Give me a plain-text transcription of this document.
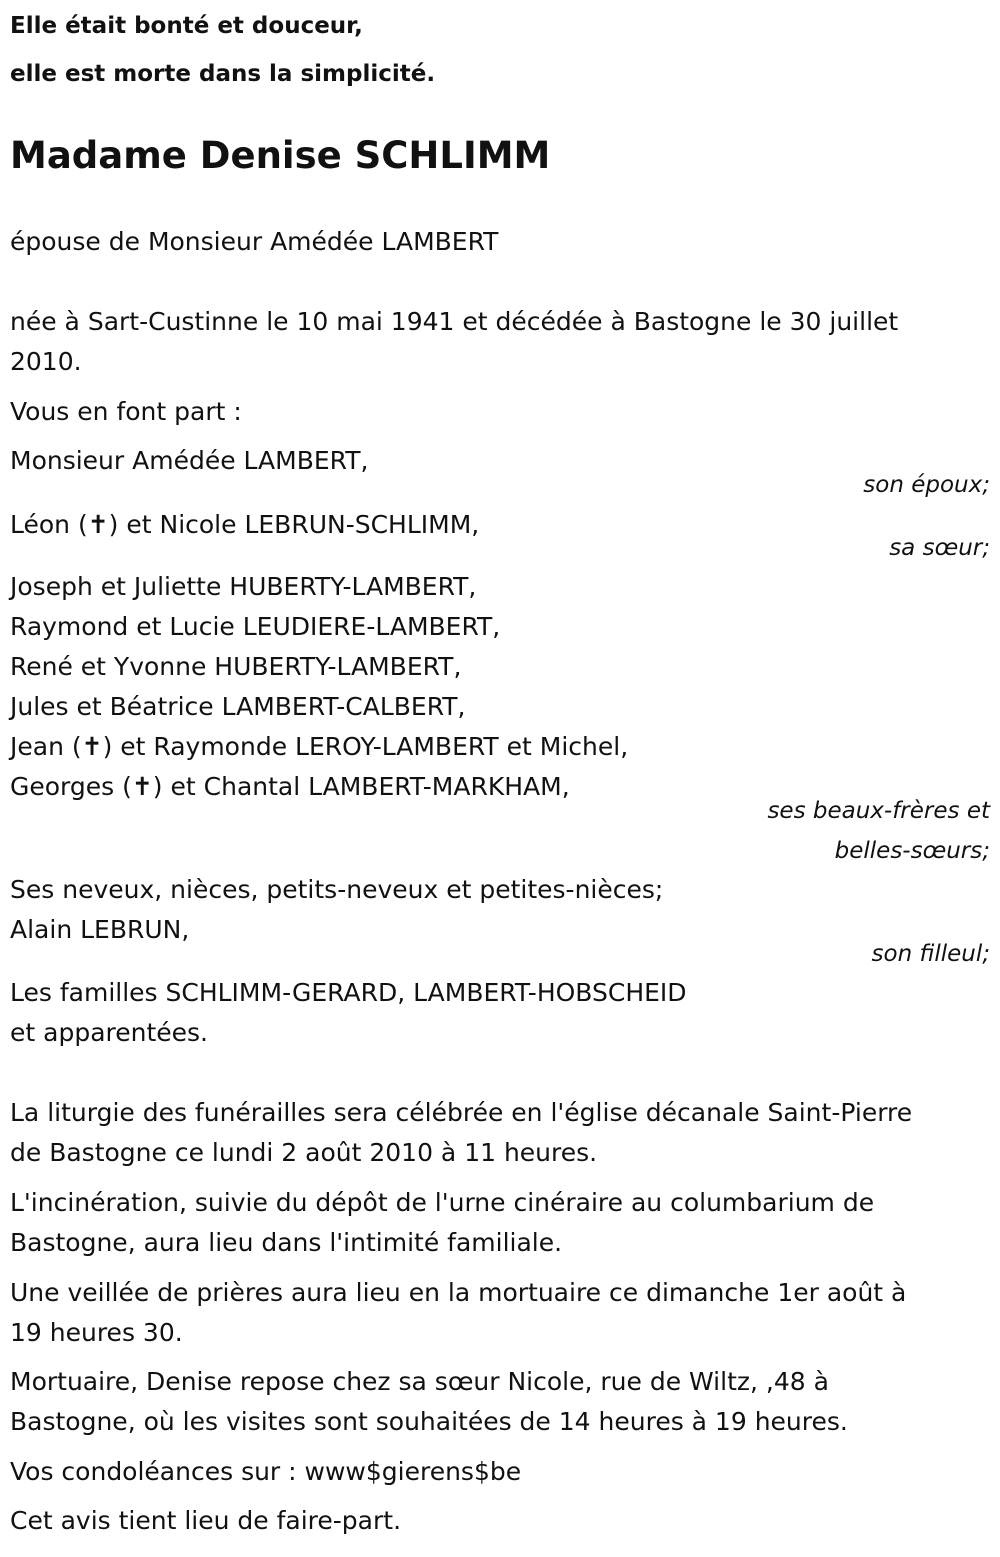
Elle était bonté et douceur,
elle est morte dans la simplicité.
Madame Denise SCHLIMM
épouse de Monsieur Amédée LAMBERT
née à Sart-Custinne le 10 mai 1941 et décédée à Bastogne le 30 juillet
2010.
Vous en font part :
Monsieur Amédée LAMBERT,
son époux;
Léon (✝) et Nicole LEBRUN-SCHLIMM,
sa sœur;
Joseph et Juliette HUBERTY-LAMBERT,
Raymond et Lucie LEUDIERE-LAMBERT,
René et Yvonne HUBERTY-LAMBERT,
Jules et Béatrice LAMBERT-CALBERT,
Jean (✝) et Raymonde LEROY-LAMBERT et Michel,
Georges (✝) et Chantal LAMBERT-MARKHAM,
ses beaux-frères et
belles-sœurs;
Ses neveux, nièces, petits-neveux et petites-nièces;
Alain LEBRUN,
son filleul;
Les familles SCHLIMM-GERARD, LAMBERT-HOBSCHEID
et apparentées.
La liturgie des funérailles sera célébrée en l'église décanale Saint-Pierre
de Bastogne ce lundi 2 août 2010 à 11 heures.
L'incinération, suivie du dépôt de l'urne cinéraire au columbarium de
Bastogne, aura lieu dans l'intimité familiale.
Une veillée de prières aura lieu en la mortuaire ce dimanche 1er août à
19 heures 30.
Mortuaire, Denise repose chez sa sœur Nicole, rue de Wiltz, ,48 à
Bastogne, où les visites sont souhaitées de 14 heures à 19 heures.
Vos condoléances sur : www$gierens$be
Cet avis tient lieu de faire-part.
